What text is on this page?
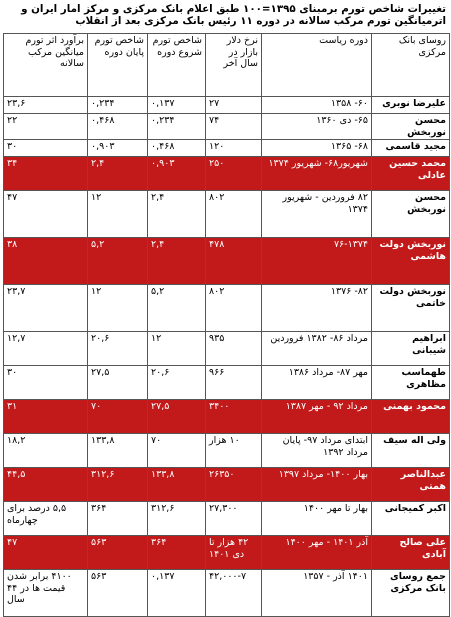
تغییرات شاخص تورم برمبنای ۱۳۹۵=۱۰۰ طبق اعلام بانک مرکزی و مرکز امار ایران و اترمیانگین تورم مرکب سالانه در دوره ۱۱ رئیس بانک مرکزی بعد از انقلاب
روسای بانک مرکزی	دوره ریاست	نرخ دلار بازار در سال آخر	شاخص تورم شروع دوره	شاخص تورم پایان دوره	برآورد اثر تورم میانگین مرکب سالانه
علیرضا نوبری	۶۰- ۱۳۵۸	۲۷	۰,۱۳۷	۰,۲۳۴	۲۳,۶
محسن نوربخش	۶۵- دی ۱۳۶۰	۷۴	۰,۲۳۴	۰,۴۶۸	۲۲
مجید قاسمی	۶۸- ۱۳۶۵	۱۲۰	۰,۴۶۸	۰,۹۰۳	۳۰
محمد حسین عادلی	شهریور۶۸- شهریور ۱۳۷۴	۲۵۰	۰,۹۰۳	۲,۴	۳۴
محسن نوربخش	۸۲ فروردین - شهریور ۱۳۷۴	۸۰۲	۲,۴	۱۲	۴۷
نوربخش دولت هاشمی	۷۶-۱۳۷۴	۴۷۸	۲,۴	۵,۲	۳۸
نوربخش دولت خاتمی	۸۲- ۱۳۷۶	۸۰۲	۵,۲	۱۲	۲۳,۷
ابراهیم شیبانی	مرداد ۸۶- ۱۳۸۲ فروردین	۹۳۵	۱۲	۲۰,۶	۱۲,۷
طهماسب مظاهری	مهر ۸۷- مرداد ۱۳۸۶	۹۶۶	۲۰,۶	۲۷,۵	۳۰
محمود بهمنی	مرداد ۹۲ - مهر ۱۳۸۷	۳۴۰۰	۲۷,۵	۷۰	۳۱
ولی اله سیف	ابتدای مرداد ۹۷- پایان مرداد ۱۳۹۲	۱۰ هزار	۷۰	۱۳۳,۸	۱۸,۲
عبدالناصر همتی	بهار ۱۴۰۰- مرداد ۱۳۹۷	۲۶۳۵۰	۱۳۳,۸	۳۱۲,۶	۴۴,۵
اکبر کمیجانی	بهار تا مهر ۱۴۰۰	۲۷,۳۰۰	۳۱۲,۶	۳۶۴	۵,۵ درصد برای چهارماه
علی صالح آبادی	آذر ۱۴۰۱ - مهر ۱۴۰۰	۴۲ هزار تا دی ۱۴۰۱	۳۶۴	۵۶۳	۴۷
جمع روسای بانک مرکزی	۱۴۰۱ آذر - ۱۳۵۷	۴۲,۰۰۰-۷	۰,۱۳۷	۵۶۳	۴۱۰۰ برابر شدن قیمت ها در ۴۴ سال
